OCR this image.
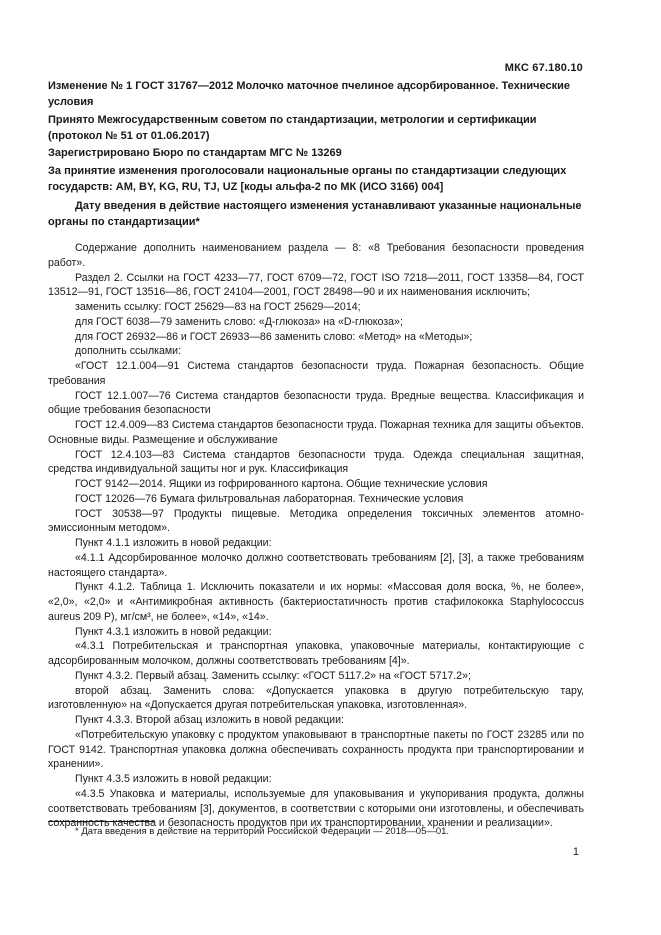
МКС 67.180.10
Изменение № 1 ГОСТ 31767—2012 Молочко маточное пчелиное адсорбированное. Технические условия
Принято Межгосударственным советом по стандартизации, метрологии и сертификации (протокол № 51 от 01.06.2017)
Зарегистрировано Бюро по стандартам МГС № 13269
За принятие изменения проголосовали национальные органы по стандартизации следующих государств: AM, BY, KG, RU, TJ, UZ [коды альфа-2 по МК (ИСО 3166) 004]
Дату введения в действие настоящего изменения устанавливают указанные национальные органы по стандартизации*

Содержание дополнить наименованием раздела — 8: «8 Требования безопасности проведения работ».

Раздел 2. Ссылки на ГОСТ 4233—77, ГОСТ 6709—72, ГОСТ ISO 7218—2011, ГОСТ 13358—84, ГОСТ 13512—91, ГОСТ 13516—86, ГОСТ 24104—2001, ГОСТ 28498—90 и их наименования исключить;

заменить ссылку: ГОСТ 25629—83 на ГОСТ 25629—2014;

для ГОСТ 6038—79 заменить слово: «Д-глюкоза» на «D-глюкоза»;

для ГОСТ 26932—86 и ГОСТ 26933—86 заменить слово: «Метод» на «Методы»;

дополнить ссылками:

«ГОСТ 12.1.004—91 Система стандартов безопасности труда. Пожарная безопасность. Общие требования

ГОСТ 12.1.007—76 Система стандартов безопасности труда. Вредные вещества. Классификация и общие требования безопасности

ГОСТ 12.4.009—83 Система стандартов безопасности труда. Пожарная техника для защиты объектов. Основные виды. Размещение и обслуживание

ГОСТ 12.4.103—83 Система стандартов безопасности труда. Одежда специальная защитная, средства индивидуальной защиты ног и рук. Классификация

ГОСТ 9142—2014. Ящики из гофрированного картона. Общие технические условия

ГОСТ 12026—76 Бумага фильтровальная лабораторная. Технические условия

ГОСТ 30538—97 Продукты пищевые. Методика определения токсичных элементов атомно-эмиссионным методом».

Пункт 4.1.1 изложить в новой редакции:

«4.1.1 Адсорбированное молочко должно соответствовать требованиям [2], [3], а также требованиям настоящего стандарта».

Пункт 4.1.2. Таблица 1. Исключить показатели и их нормы: «Массовая доля воска, %, не более», «2,0», «2,0» и «Антимикробная активность (бактериостатичность против стафилококка Staphylococcus aureus 209 P), мг/см³, не более», «14», «14».

Пункт 4.3.1 изложить в новой редакции:

«4.3.1 Потребительская и транспортная упаковка, упаковочные материалы, контактирующие с адсорбированным молочком, должны соответствовать требованиям [4]».

Пункт 4.3.2. Первый абзац. Заменить ссылку: «ГОСТ 5117.2» на «ГОСТ 5717.2»;

второй абзац. Заменить слова: «Допускается упаковка в другую потребительскую тару, изготовленную» на «Допускается другая потребительская упаковка, изготовленная».

Пункт 4.3.3. Второй абзац изложить в новой редакции:

«Потребительскую упаковку с продуктом упаковывают в транспортные пакеты по ГОСТ 23285 или по ГОСТ 9142. Транспортная упаковка должна обеспечивать сохранность продукта при транспортировании и хранении».

Пункт 4.3.5 изложить в новой редакции:

«4.3.5 Упаковка и материалы, используемые для упаковывания и укупоривания продукта, должны соответствовать требованиям [3], документов, в соответствии с которыми они изготовлены, и обеспечивать сохранность качества и безопасность продуктов при их транспортировании, хранении и реализации».

* Дата введения в действие на территории Российской Федерации — 2018—05—01.
1
